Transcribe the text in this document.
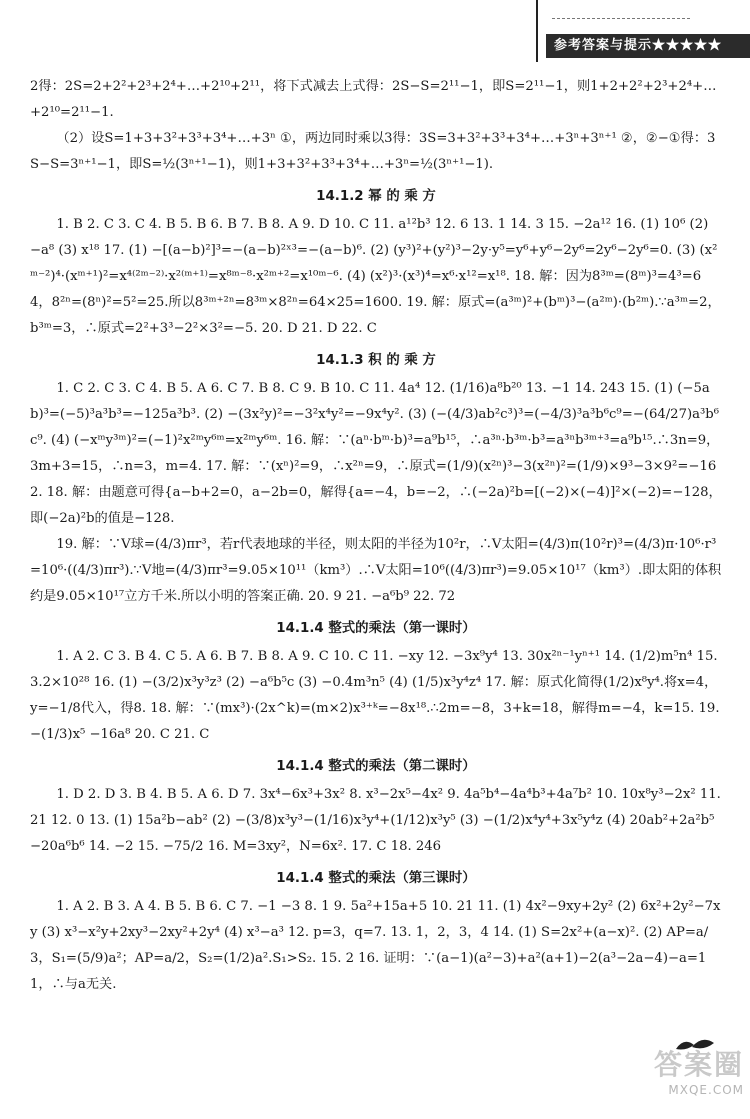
参考答案与提示★★★★★
2得：2S=2+2²+2³+2⁴+…+2¹⁰+2¹¹，将下式减去上式得：2S−S=2¹¹−1，即S=2¹¹−1，则1+2+2²+2³+2⁴+…+2¹⁰=2¹¹−1.
（2）设S=1+3+3²+3³+3⁴+…+3ⁿ ①，两边同时乘以3得：3S=3+3²+3³+3⁴+…+3ⁿ+3ⁿ⁺¹ ②，②−①得：3S−S=3ⁿ⁺¹−1，即S=½(3ⁿ⁺¹−1)，则1+3+3²+3³+3⁴+…+3ⁿ=½(3ⁿ⁺¹−1).
14.1.2 幂 的 乘 方
1. B 2. C 3. C 4. B 5. B 6. B 7. B 8. A 9. D 10. C 11. a¹²b³ 12. 6 13. 1 14. 3 15. −2a¹² 16. (1) 10⁶ (2) −a⁸ (3) x¹⁸ 17. (1) −[(a−b)²]³=−(a−b)²ˣ³=−(a−b)⁶. (2) (y³)²+(y²)³−2y·y⁵=y⁶+y⁶−2y⁶=2y⁶−2y⁶=0. (3) (x²ᵐ⁻²)⁴·(xᵐ⁺¹)²=x⁴⁽²ᵐ⁻²⁾·x²⁽ᵐ⁺¹⁾=x⁸ᵐ⁻⁸·x²ᵐ⁺²=x¹⁰ᵐ⁻⁶. (4) (x²)³·(x³)⁴=x⁶·x¹²=x¹⁸. 18. 解：因为8³ᵐ=(8ᵐ)³=4³=64，8²ⁿ=(8ⁿ)²=5²=25.所以8³ᵐ⁺²ⁿ=8³ᵐ×8²ⁿ=64×25=1600. 19. 解：原式=(a³ᵐ)²+(bᵐ)³−(a²ᵐ)·(b²ᵐ).∵a³ᵐ=2，b³ᵐ=3，∴原式=2²+3³−2²×3²=−5. 20. D 21. D 22. C
14.1.3 积 的 乘 方
1. C 2. C 3. C 4. B 5. A 6. C 7. B 8. C 9. B 10. C 11. 4a⁴ 12. (1/16)a⁸b²⁰ 13. −1 14. 243 15. (1) (−5ab)³=(−5)³a³b³=−125a³b³. (2) −(3x²y)²=−3²x⁴y²=−9x⁴y². (3) (−(4/3)ab²c³)³=(−4/3)³a³b⁶c⁹=−(64/27)a³b⁶c⁹. (4) (−xᵐy³ᵐ)²=(−1)²x²ᵐy⁶ᵐ=x²ᵐy⁶ᵐ. 16. 解：∵(aⁿ·bᵐ·b)³=a⁹b¹⁵，∴a³ⁿ·b³ᵐ·b³=a³ⁿb³ᵐ⁺³=a⁹b¹⁵.∴3n=9，3m+3=15，∴n=3，m=4. 17. 解：∵(xⁿ)²=9，∴x²ⁿ=9，∴原式=(1/9)(x²ⁿ)³−3(x²ⁿ)²=(1/9)×9³−3×9²=−162. 18. 解：由题意可得{a−b+2=0，a−2b=0，解得{a=−4，b=−2，∴(−2a)²b=[(−2)×(−4)]²×(−2)=−128，即(−2a)²b的值是−128.
19. 解：∵V球=(4/3)πr³，若r代表地球的半径，则太阳的半径为10²r，∴V太阳=(4/3)π(10²r)³=(4/3)π·10⁶·r³=10⁶·((4/3)πr³).∵V地=(4/3)πr³=9.05×10¹¹（km³）.∴V太阳=10⁶((4/3)πr³)=9.05×10¹⁷（km³）.即太阳的体积约是9.05×10¹⁷立方千米.所以小明的答案正确. 20. 9 21. −a⁶b⁹ 22. 72
14.1.4 整式的乘法（第一课时）
1. A 2. C 3. B 4. C 5. A 6. B 7. B 8. A 9. C 10. C 11. −xy 12. −3x⁹y⁴ 13. 30x²ⁿ⁻¹yⁿ⁺¹ 14. (1/2)m⁵n⁴ 15. 3.2×10²⁸ 16. (1) −(3/2)x³y³z³ (2) −a⁶b⁵c (3) −0.4m³n⁵ (4) (1/5)x³y⁴z⁴ 17. 解：原式化简得(1/2)x⁸y⁴.将x=4，y=−1/8代入，得8. 18. 解：∵(mx³)·(2x^k)=(m×2)x³⁺ᵏ=−8x¹⁸.∴2m=−8，3+k=18，解得m=−4，k=15. 19. −(1/3)x⁵ −16a⁸ 20. C 21. C
14.1.4 整式的乘法（第二课时）
1. D 2. D 3. B 4. B 5. A 6. D 7. 3x⁴−6x³+3x² 8. x³−2x⁵−4x² 9. 4a⁵b⁴−4a⁴b³+4a⁷b² 10. 10x⁸y³−2x² 11. 21 12. 0 13. (1) 15a²b−ab² (2) −(3/8)x³y³−(1/16)x³y⁴+(1/12)x³y⁵ (3) −(1/2)x⁴y⁴+3x⁵y⁴z (4) 20ab²+2a²b⁵−20a⁶b⁶ 14. −2 15. −75/2 16. M=3xy²，N=6x². 17. C 18. 246
14.1.4 整式的乘法（第三课时）
1. A 2. B 3. A 4. B 5. B 6. C 7. −1 −3 8. 1 9. 5a²+15a+5 10. 21 11. (1) 4x²−9xy+2y² (2) 6x²+2y²−7xy (3) x³−x²y+2xy³−2xy²+2y⁴ (4) x³−a³ 12. p=3，q=7. 13. 1，2，3，4 14. (1) S=2x²+(a−x)². (2) AP=a/3，S₁=(5/9)a²；AP=a/2，S₂=(1/2)a².S₁>S₂. 15. 2 16. 证明：∵(a−1)(a²−3)+a²(a+1)−2(a³−2a−4)−a=11，∴与a无关.
答案圈
MXQE.COM
